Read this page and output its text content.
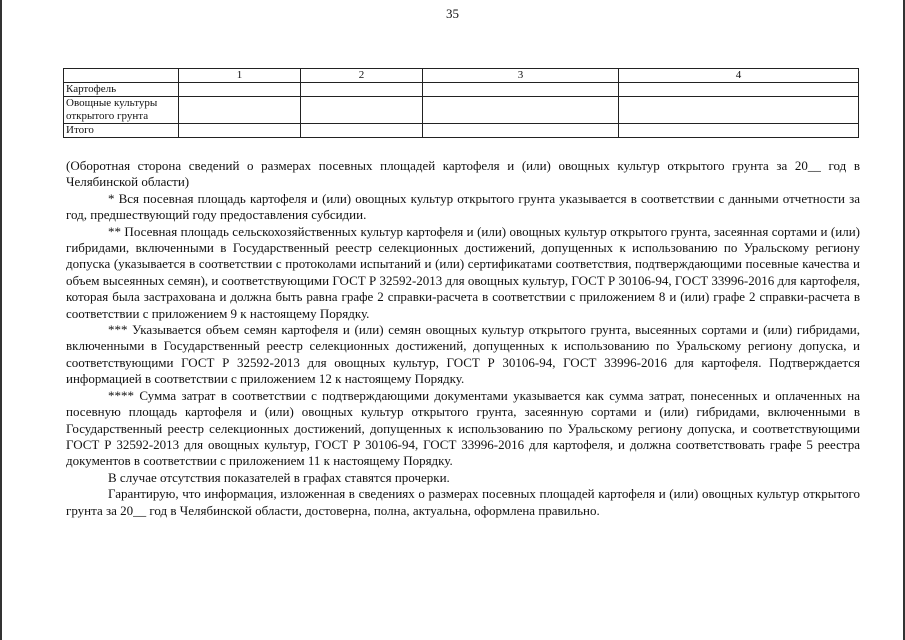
35
	1	2	3	4
Картофель				
Овощные культуры открытого грунта				
Итого				

(Оборотная сторона сведений о размерах посевных площадей картофеля и (или) овощных культур открытого грунта за 20__ год в Челябинской области)

* Вся посевная площадь картофеля и (или) овощных культур открытого грунта указывается в соответствии с данными отчетности за год, предшествующий году предоставления субсидии.

** Посевная площадь сельскохозяйственных культур картофеля и (или) овощных культур открытого грунта, засеянная сортами и (или) гибридами, включенными в Государственный реестр селекционных достижений, допущенных к использованию по Уральскому региону допуска (указывается в соответствии с протоколами испытаний и (или) сертификатами соответствия, подтверждающими посевные качества и объем высеянных семян), и соответствующими ГОСТ Р 32592-2013 для овощных культур, ГОСТ Р 30106-94, ГОСТ 33996-2016 для картофеля, которая была застрахована и должна быть равна графе 2 справки-расчета в соответствии с приложением 8 и (или) графе 2 справки-расчета в соответствии с приложением 9 к настоящему Порядку.

*** Указывается объем семян картофеля и (или) семян овощных культур открытого грунта, высеянных сортами и (или) гибридами, включенными в Государственный реестр селекционных достижений, допущенных к использованию по Уральскому региону допуска, и соответствующими ГОСТ Р 32592-2013 для овощных культур, ГОСТ Р 30106-94, ГОСТ 33996-2016 для картофеля. Подтверждается информацией в соответствии с приложением 12 к настоящему Порядку.

**** Сумма затрат в соответствии с подтверждающими документами указывается как сумма затрат, понесенных и оплаченных на посевную площадь картофеля и (или) овощных культур открытого грунта, засеянную сортами и (или) гибридами, включенными в Государственный реестр селекционных достижений, допущенных к использованию по Уральскому региону допуска, и соответствующими ГОСТ Р 32592-2013 для овощных культур, ГОСТ Р 30106-94, ГОСТ 33996-2016 для картофеля, и должна соответствовать графе 5 реестра документов в соответствии с приложением 11 к настоящему Порядку.

В случае отсутствия показателей в графах ставятся прочерки.

Гарантирую, что информация, изложенная в сведениях о размерах посевных площадей картофеля и (или) овощных культур открытого грунта за 20__ год в Челябинской области, достоверна, полна, актуальна, оформлена правильно.
